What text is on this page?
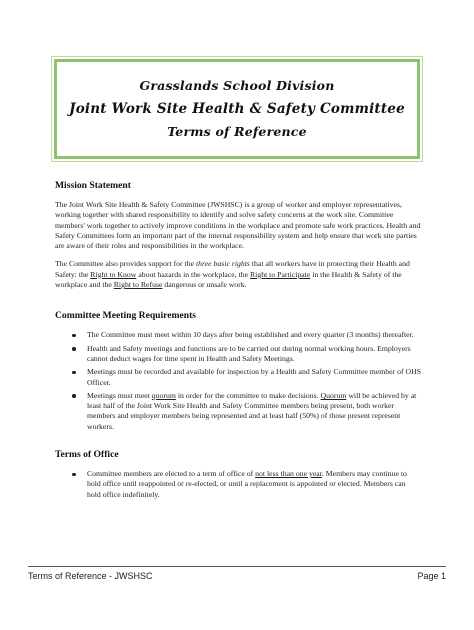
Grasslands School Division
Joint Work Site Health & Safety Committee
Terms of Reference
Mission Statement

The Joint Work Site Health & Safety Committee (JWSHSC) is a group of worker and employer representatives, working together with shared responsibility to identify and solve safety concerns at the work site. Committee members' work together to actively improve conditions in the workplace and promote safe work practices. Health and Safety Committees form an important part of the internal responsibility system and help ensure that work site parties are aware of their roles and responsibilities in the workplace.

The Committee also provides support for the three basic rights that all workers have in protecting their Health and Safety: the Right to Know about hazards in the workplace, the Right to Participate in the Health & Safety of the workplace and the Right to Refuse dangerous or unsafe work.

Committee Meeting Requirements
The Committee must meet within 10 days after being established and every quarter (3 months) thereafter.
Health and Safety meetings and functions are to be carried out during normal working hours. Employers cannot deduct wages for time spent in Health and Safety Meetings.
Meetings must be recorded and available for inspection by a Health and Safety Committee member of OHS Officer.
Meetings must meet quorum in order for the committee to make decisions. Quorum will be achieved by at least half of the Joint Work Site Health and Safety Committee members being present, both worker members and employer members being represented and at least half (50%) of those present represent workers.
Terms of Office
Committee members are elected to a term of office of not less than one year. Members may continue to hold office until reappointed or re-elected, or until a replacement is appointed or elected. Members can hold office indefinitely.
Terms of Reference - JWSHSC	Page 1
